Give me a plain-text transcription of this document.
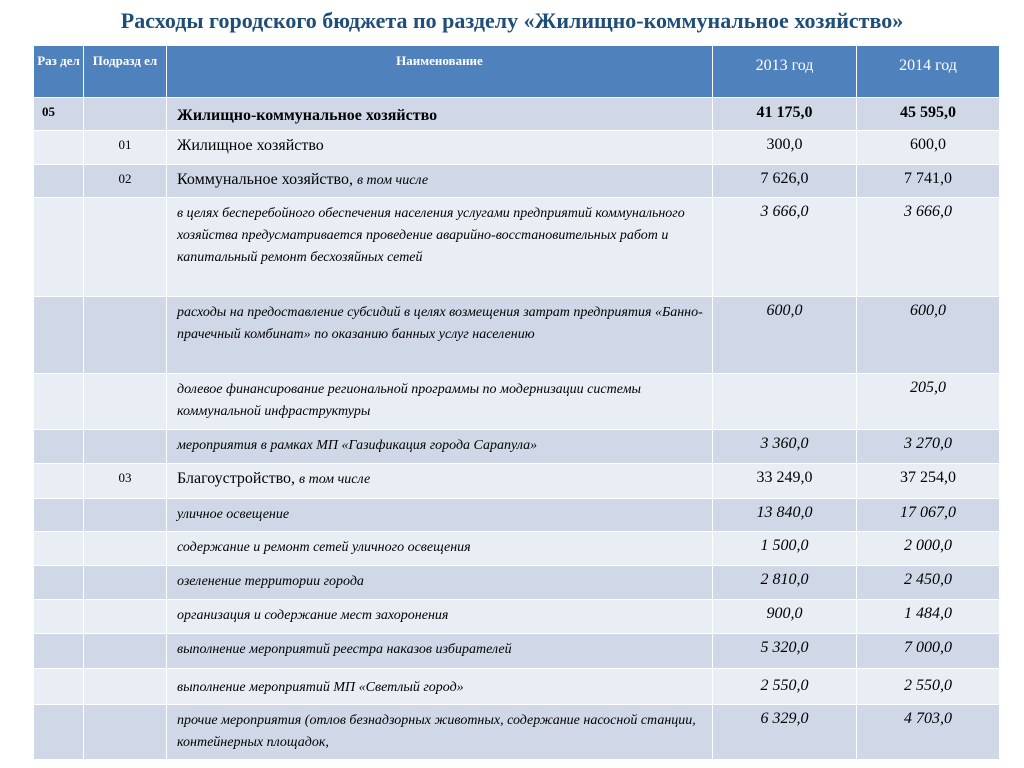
Расходы городского бюджета по разделу «Жилищно-коммунальное хозяйство»
Раз дел	Подразд ел	Наименование	2013 год	2014 год
05		Жилищно-коммунальное хозяйство	41 175,0	45 595,0
	01	Жилищное хозяйство	300,0	600,0
	02	Коммунальное хозяйство, в том числе	7 626,0	7 741,0
		в целях бесперебойного обеспечения населения услугами предприятий коммунального хозяйства предусматривается проведение аварийно-восстановительных работ и капитальный ремонт бесхозяйных сетей	3 666,0	3 666,0
		расходы на предоставление субсидий в целях возмещения затрат предприятия «Банно-прачечный комбинат» по оказанию банных услуг населению	600,0	600,0
		долевое финансирование региональной программы по модернизации системы коммунальной инфраструктуры		205,0
		мероприятия в рамках МП «Газификация города Сарапула»	3 360,0	3 270,0
	03	Благоустройство, в том числе	33 249,0	37 254,0
		уличное освещение	13 840,0	17 067,0
		содержание и ремонт сетей уличного освещения	1 500,0	2 000,0
		озеленение территории города	2 810,0	2 450,0
		организация и содержание мест захоронения	900,0	1 484,0
		выполнение мероприятий реестра наказов избирателей	5 320,0	7 000,0
		выполнение мероприятий МП «Светлый город»	2 550,0	2 550,0
		прочие мероприятия (отлов безнадзорных животных, содержание насосной станции, контейнерных площадок,	6 329,0	4 703,0
